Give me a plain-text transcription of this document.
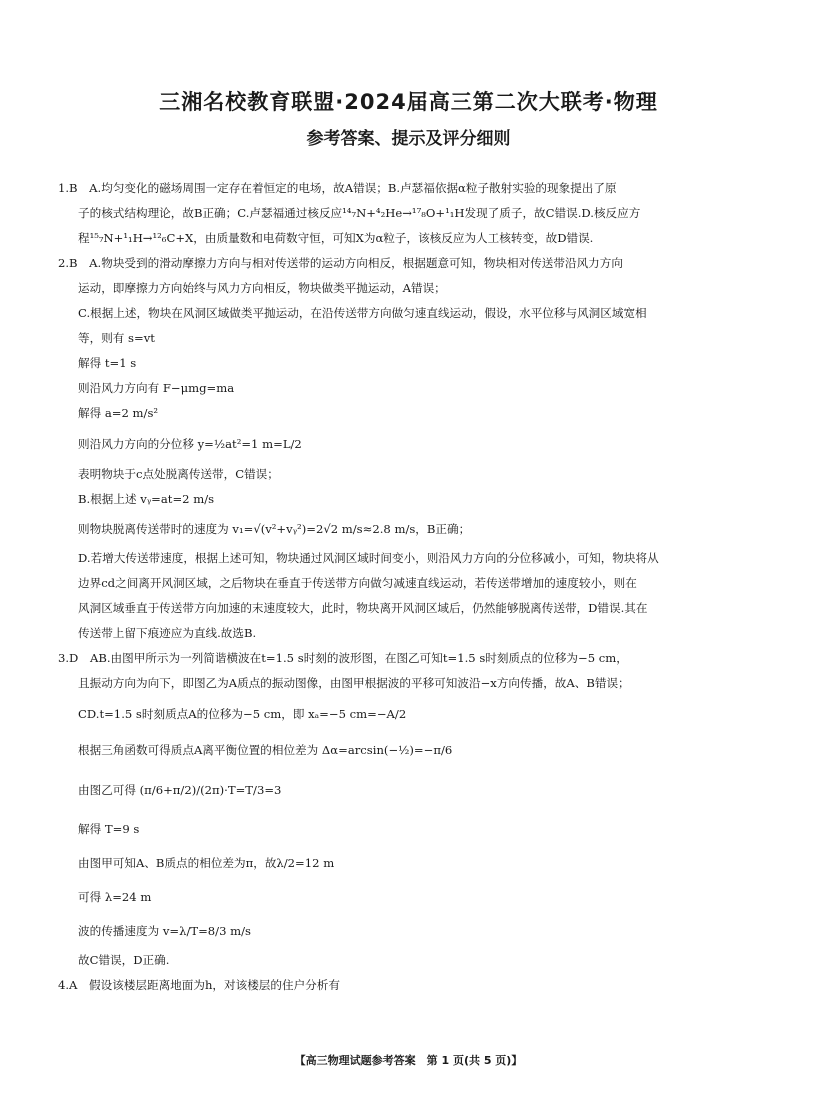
三湘名校教育联盟·2024届高三第二次大联考·物理
参考答案、提示及评分细则
1.B　A.均匀变化的磁场周围一定存在着恒定的电场，故A错误；B.卢瑟福依据α粒子散射实验的现象提出了原
子的核式结构理论，故B正确；C.卢瑟福通过核反应¹⁴₇N+⁴₂He→¹⁷₈O+¹₁H发现了质子，故C错误.D.核反应方
程¹⁵₇N+¹₁H→¹²₆C+X，由质量数和电荷数守恒，可知X为α粒子，该核反应为人工核转变，故D错误.
2.B　A.物块受到的滑动摩擦力方向与相对传送带的运动方向相反，根据题意可知，物块相对传送带沿风力方向
运动，即摩擦力方向始终与风力方向相反，物块做类平抛运动，A错误；
C.根据上述，物块在风洞区域做类平抛运动，在沿传送带方向做匀速直线运动，假设，水平位移与风洞区域宽相
等，则有 s=vt
解得 t=1 s
则沿风力方向有 F−μmg=ma
解得 a=2 m/s²
则沿风力方向的分位移 y=½at²=1 m=L/2
表明物块于c点处脱离传送带，C错误；
B.根据上述 vᵧ=at=2 m/s
则物块脱离传送带时的速度为 v₁=√(v²+vᵧ²)=2√2 m/s≈2.8 m/s，B正确；
D.若增大传送带速度，根据上述可知，物块通过风洞区域时间变小，则沿风力方向的分位移减小，可知，物块将从
边界cd之间离开风洞区域，之后物块在垂直于传送带方向做匀减速直线运动，若传送带增加的速度较小，则在
风洞区域垂直于传送带方向加速的末速度较大，此时，物块离开风洞区域后，仍然能够脱离传送带，D错误.其在
传送带上留下痕迹应为直线.故选B.
3.D　AB.由图甲所示为一列简谐横波在t=1.5 s时刻的波形图，在图乙可知t=1.5 s时刻质点的位移为−5 cm，
且振动方向为向下，即图乙为A质点的振动图像，由图甲根据波的平移可知波沿−x方向传播，故A、B错误；
CD.t=1.5 s时刻质点A的位移为−5 cm，即 xₐ=−5 cm=−A/2
根据三角函数可得质点A离平衡位置的相位差为 Δα=arcsin(−½)=−π/6
由图乙可得 (π/6+π/2)/(2π)·T=T/3=3
解得 T=9 s
由图甲可知A、B质点的相位差为π，故λ/2=12 m
可得 λ=24 m
波的传播速度为 v=λ/T=8/3 m/s
故C错误，D正确.
4.A　假设该楼层距离地面为h，对该楼层的住户分析有
【高三物理试题参考答案　第 1 页(共 5 页)】
